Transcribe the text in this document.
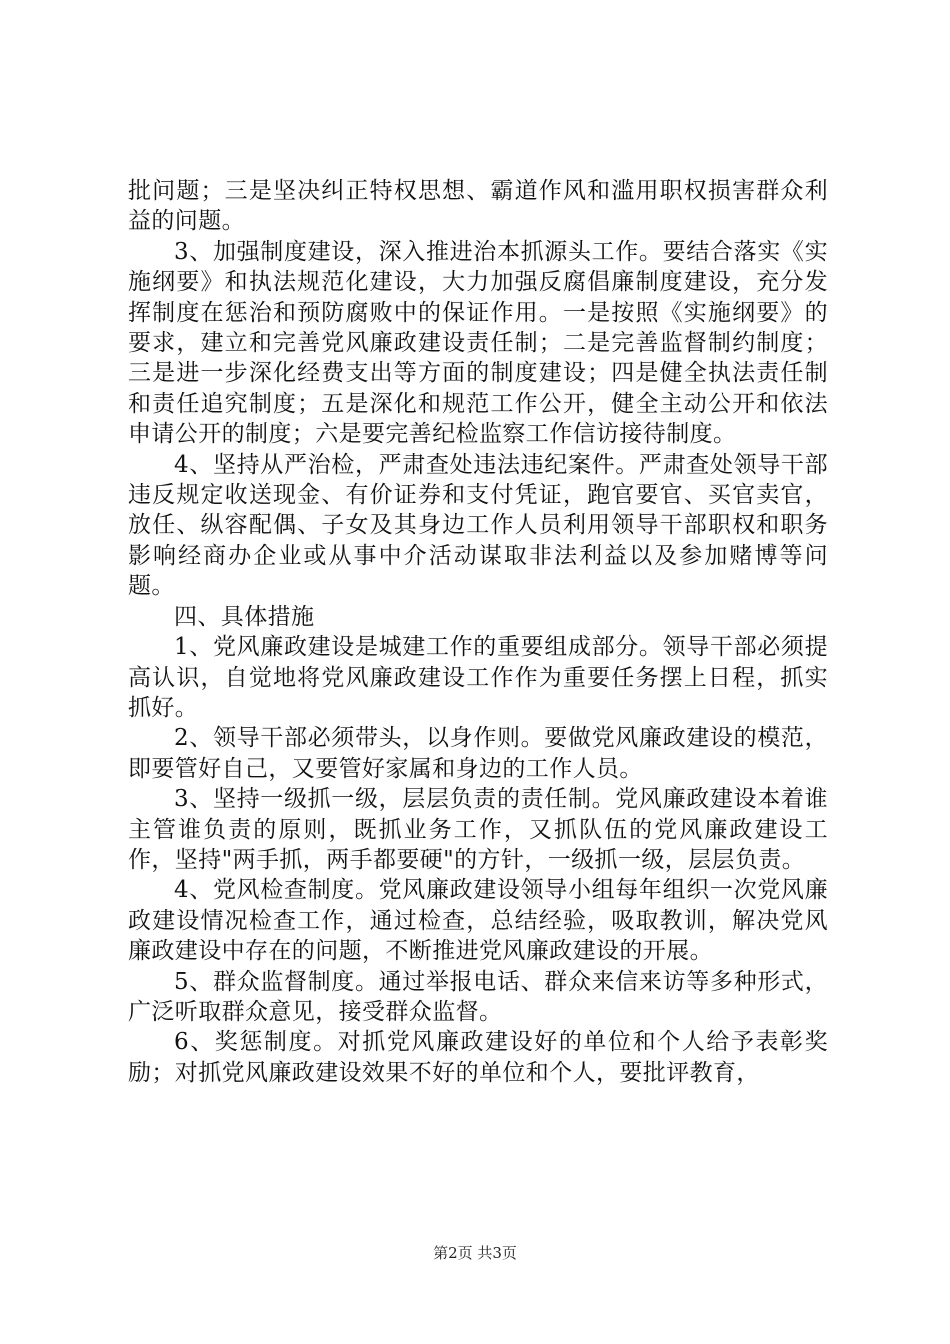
批问题；三是坚决纠正特权思想、霸道作风和滥用职权损害群众利益的问题。

3、加强制度建设，深入推进治本抓源头工作。要结合落实《实施纲要》和执法规范化建设，大力加强反腐倡廉制度建设，充分发挥制度在惩治和预防腐败中的保证作用。一是按照《实施纲要》的要求，建立和完善党风廉政建设责任制；二是完善监督制约制度；三是进一步深化经费支出等方面的制度建设；四是健全执法责任制和责任追究制度；五是深化和规范工作公开，健全主动公开和依法申请公开的制度；六是要完善纪检监察工作信访接待制度。

4、坚持从严治检，严肃查处违法违纪案件。严肃查处领导干部违反规定收送现金、有价证券和支付凭证，跑官要官、买官卖官，放任、纵容配偶、子女及其身边工作人员利用领导干部职权和职务影响经商办企业或从事中介活动谋取非法利益以及参加赌博等问题。

四、具体措施

1、党风廉政建设是城建工作的重要组成部分。领导干部必须提高认识，自觉地将党风廉政建设工作作为重要任务摆上日程，抓实抓好。

2、领导干部必须带头，以身作则。要做党风廉政建设的模范，即要管好自己，又要管好家属和身边的工作人员。

3、坚持一级抓一级，层层负责的责任制。党风廉政建设本着谁主管谁负责的原则，既抓业务工作，又抓队伍的党风廉政建设工作，坚持"两手抓，两手都要硬"的方针，一级抓一级，层层负责。

4、党风检查制度。党风廉政建设领导小组每年组织一次党风廉政建设情况检查工作，通过检查，总结经验，吸取教训，解决党风廉政建设中存在的问题，不断推进党风廉政建设的开展。

5、群众监督制度。通过举报电话、群众来信来访等多种形式，广泛听取群众意见，接受群众监督。

6、奖惩制度。对抓党风廉政建设好的单位和个人给予表彰奖励；对抓党风廉政建设效果不好的单位和个人，要批评教育，

第2页 共3页
